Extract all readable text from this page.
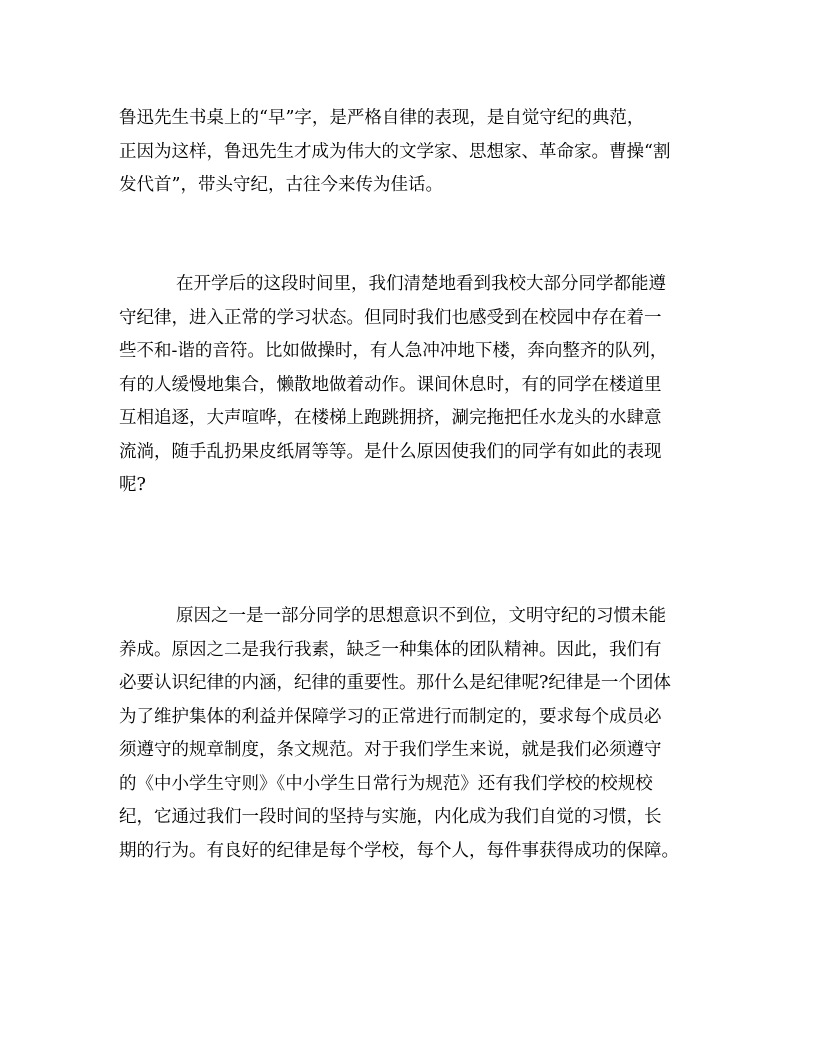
鲁迅先生书桌上的“早”字，是严格自律的表现，是自觉守纪的典范，
正因为这样，鲁迅先生才成为伟大的文学家、思想家、革命家。曹操“割
发代首”，带头守纪，古往今来传为佳话。

在开学后的这段时间里，我们清楚地看到我校大部分同学都能遵
守纪律，进入正常的学习状态。但同时我们也感受到在校园中存在着一
些不和-谐的音符。比如做操时，有人急冲冲地下楼，奔向整齐的队列，
有的人缓慢地集合，懒散地做着动作。课间休息时，有的同学在楼道里
互相追逐，大声喧哗，在楼梯上跑跳拥挤，涮完拖把任水龙头的水肆意
流淌，随手乱扔果皮纸屑等等。是什么原因使我们的同学有如此的表现
呢?

原因之一是一部分同学的思想意识不到位，文明守纪的习惯未能
养成。原因之二是我行我素，缺乏一种集体的团队精神。因此，我们有
必要认识纪律的内涵，纪律的重要性。那什么是纪律呢?纪律是一个团体
为了维护集体的利益并保障学习的正常进行而制定的，要求每个成员必
须遵守的规章制度，条文规范。对于我们学生来说，就是我们必须遵守
的《中小学生守则》《中小学生日常行为规范》还有我们学校的校规校
纪，它通过我们一段时间的坚持与实施，内化成为我们自觉的习惯，长
期的行为。有良好的纪律是每个学校，每个人，每件事获得成功的保障。
